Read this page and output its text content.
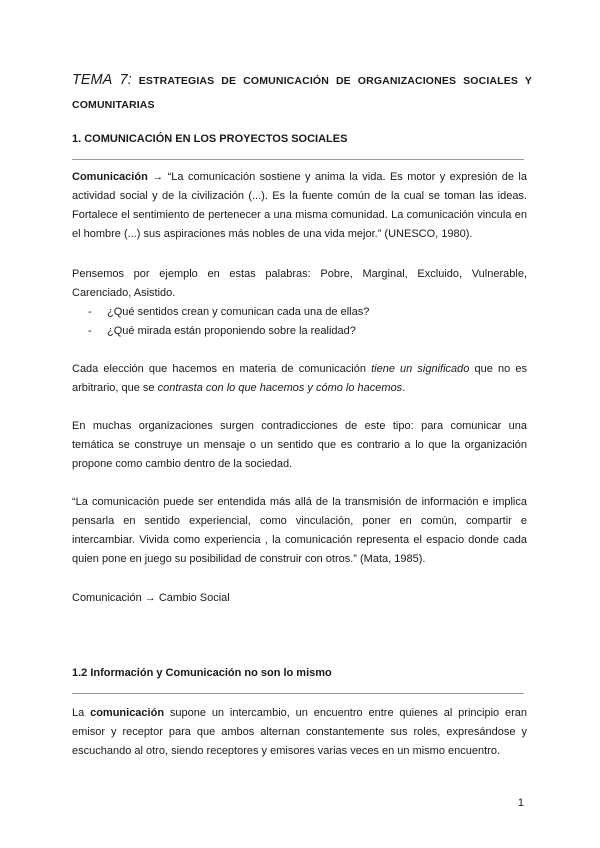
TEMA 7: ESTRATEGIAS DE COMUNICACIÓN DE ORGANIZACIONES SOCIALES Y COMUNITARIAS

1. COMUNICACIÓN EN LOS PROYECTOS SOCIALES

Comunicación → “La comunicación sostiene y anima la vida. Es motor y expresión de la actividad social y de la civilización (...). Es la fuente común de la cual se toman las ideas. Fortalece el sentimiento de pertenecer a una misma comunidad. La comunicación vincula en el hombre (...) sus aspiraciones más nobles de una vida mejor.” (UNESCO, 1980).

Pensemos por ejemplo en estas palabras: Pobre, Marginal, Excluido, Vulnerable, Carenciado, Asistido.

- ¿Qué sentidos crean y comunican cada una de ellas?
- ¿Qué mirada están proponiendo sobre la realidad?

Cada elección que hacemos en materia de comunicación tiene un significado que no es arbitrario, que se contrasta con lo que hacemos y cómo lo hacemos.

En muchas organizaciones surgen contradicciones de este tipo: para comunicar una temática se construye un mensaje o un sentido que es contrario a lo que la organización propone como cambio dentro de la sociedad.

“La comunicación puede ser entendida más allá de la transmisión de información e implica pensarla en sentido experiencial, como vinculación, poner en común, compartir e intercambiar. Vivida como experiencia , la comunicación representa el espacio donde cada quien pone en juego su posibilidad de construir con otros.” (Mata, 1985).

Comunicación → Cambio Social

1.2 Información y Comunicación no son lo mismo

La comunicación supone un intercambio, un encuentro entre quienes al principio eran emisor y receptor para que ambos alternan constantemente sus roles, expresándose y escuchando al otro, siendo receptores y emisores varias veces en un mismo encuentro.

1
